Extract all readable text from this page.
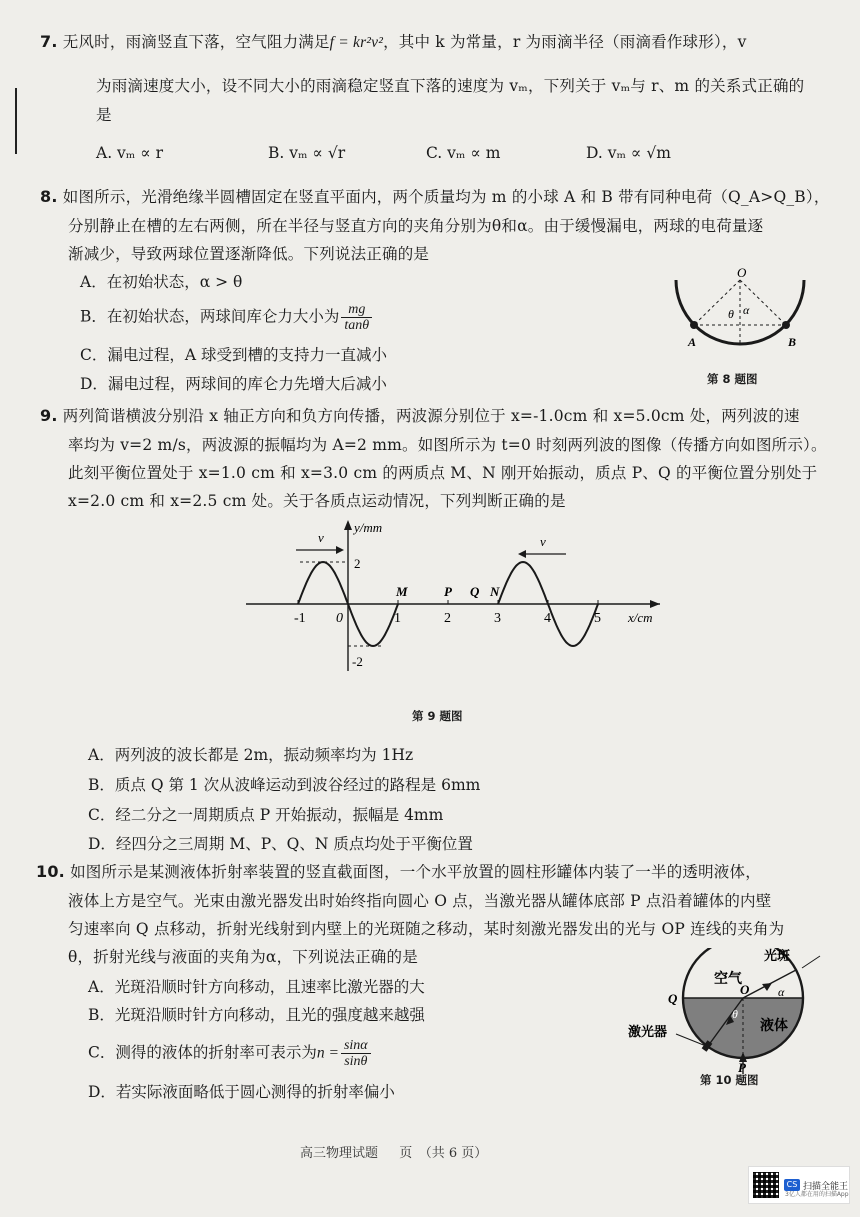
7. 无风时，雨滴竖直下落，空气阻力满足f = kr²v²，其中 k 为常量，r 为雨滴半径（雨滴看作球形），v
为雨滴速度大小，设不同大小的雨滴稳定竖直下落的速度为 vₘ，下列关于 vₘ与 r、m 的关系式正确的
是
A. vₘ ∝ r	B. vₘ ∝ √r	C. vₘ ∝ m	D. vₘ ∝ √m
8. 如图所示，光滑绝缘半圆槽固定在竖直平面内，两个质量均为 m 的小球 A 和 B 带有同种电荷（Q_A>Q_B），
分别静止在槽的左右两侧，所在半径与竖直方向的夹角分别为θ和α。由于缓慢漏电，两球的电荷量逐
渐减少，导致两球位置逐渐降低。下列说法正确的是
A．在初始状态，α > θ
B．在初始状态，两球间库仑力大小为 $\frac{mg}{\tan\theta}$
C．漏电过程，A 球受到槽的支持力一直减小
D．漏电过程，两球间的库仑力先增大后减小
O
θ α
A	B
第 8 题图
9. 两列简谐横波分别沿 x 轴正方向和负方向传播，两波源分别位于 x=-1.0cm 和 x=5.0cm 处，两列波的速
率均为 v=2 m/s，两波源的振幅均为 A=2 mm。如图所示为 t=0 时刻两列波的图像（传播方向如图所示）。
此刻平衡位置处于 x=1.0 cm 和 x=3.0 cm 的两质点 M、N 刚开始振动，质点 P、Q 的平衡位置分别处于
x=2.0 cm 和 x=2.5 cm 处。关于各质点运动情况，下列判断正确的是
y/mm
x/cm
-1 0	1	2	3	4	5
2
-2
v	v
M	P Q N
第 9 题图
A．两列波的波长都是 2m，振动频率均为 1Hz
B．质点 Q 第 1 次从波峰运动到波谷经过的路程是 6mm
C．经二分之一周期质点 P 开始振动，振幅是 4mm
D．经四分之三周期 M、P、Q、N 质点均处于平衡位置
10. 如图所示是某测液体折射率装置的竖直截面图，一个水平放置的圆柱形罐体内装了一半的透明液体，
液体上方是空气。光束由激光器发出时始终指向圆心 O 点，当激光器从罐体底部 P 点沿着罐体的内壁
匀速率向 Q 点移动，折射光线射到内壁上的光斑随之移动，某时刻激光器发出的光与 OP 连线的夹角为
θ，折射光线与液面的夹角为α，下列说法正确的是
A．光斑沿顺时针方向移动，且速率比激光器的大
B．光斑沿顺时针方向移动，且光的强度越来越强
C．测得的液体的折射率可表示为$n = \frac{\sin\alpha}{\sin\theta}$
D．若实际液面略低于圆心测得的折射率偏小
空气
光斑
液体
激光器
Q
O
P
θ
α
第 10 题图
高三物理试题 　 页　（共 6 页）
CS 扫描全能王
3亿人都在用的扫描App
